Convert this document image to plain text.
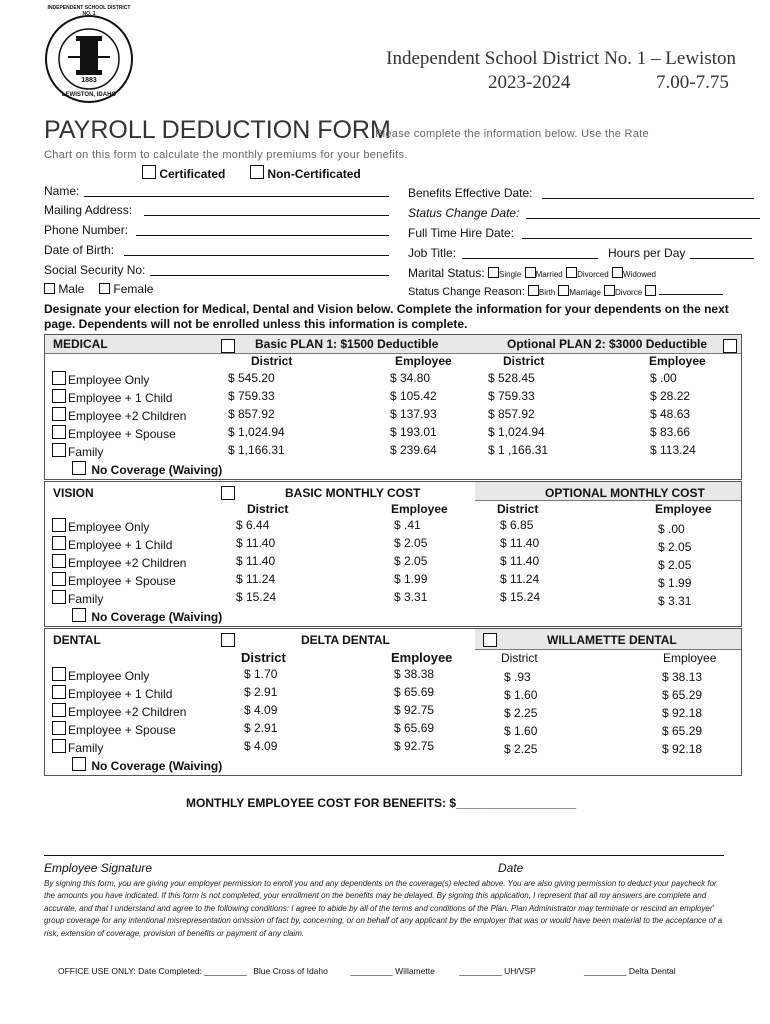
INDEPENDENT SCHOOL DISTRICT NO. 1
1883
LEWISTON, IDAHO
Independent School District No. 1 – Lewiston
2023-2024	7.00-7.75
PAYROLL DEDUCTION FORM
Please complete the information below. Use the Rate
Chart on this form to calculate the monthly premiums for your benefits.
Certificated	Non-Certificated
Name:
Mailing Address:
Phone Number:
Date of Birth:
Social Security No:
Male Female
Benefits Effective Date:
Status Change Date:
Full Time Hire Date:
Job Title:	Hours per Day
Marital Status: Single Married Divorced Widowed
Status Change Reason: Birth Marriage Divorce
Designate your election for Medical, Dental and Vision below. Complete the information for your dependents on the next page. Dependents will not be enrolled unless this information is complete.
MEDICAL	Basic PLAN 1: $1500 Deductible	Optional PLAN 2: $3000 Deductible
District	Employee	District	Employee
Employee Only	$ 545.20	$ 34.80	$ 528.45	$ .00
Employee + 1 Child	$ 759.33	$ 105.42	$ 759.33	$ 28.22
Employee +2 Children	$ 857.92	$ 137.93	$ 857.92	$ 48.63
Employee + Spouse	$ 1,024.94	$ 193.01	$ 1,024.94	$ 83.66
Family	$ 1,166.31	$ 239.64	$ 1 ,166.31	$ 113.24
No Coverage (Waiving)
VISION	BASIC MONTHLY COST	OPTIONAL MONTHLY COST
District	Employee	District	Employee
Employee Only	$ 6.44	$ .41	$ 6.85	$ .00
Employee + 1 Child	$ 11.40	$ 2.05	$ 11.40	$ 2.05
Employee +2 Children	$ 11.40	$ 2.05	$ 11.40	$ 2.05
Employee + Spouse	$ 11.24	$ 1.99	$ 11.24	$ 1.99
Family	$ 15.24	$ 3.31	$ 15.24	$ 3.31
No Coverage (Waiving)
DENTAL	DELTA DENTAL	WILLAMETTE DENTAL
District	Employee	District	Employee
Employee Only	$ 1.70	$ 38.38	$ .93	$ 38.13
Employee + 1 Child	$ 2.91	$ 65.69	$ 1.60	$ 65.29
Employee +2 Children	$ 4.09	$ 92.75	$ 2.25	$ 92.18
Employee + Spouse	$ 2.91	$ 65.69	$ 1.60	$ 65.29
Family	$ 4.09	$ 92.75	$ 2.25	$ 92.18
No Coverage (Waiving)
MONTHLY EMPLOYEE COST FOR BENEFITS: $__________________
Employee Signature	Date
By signing this form, you are giving your employer permission to enroll you and any dependents on the coverage(s) elected above. You are also giving permission to deduct your paycheck for the amounts you have indicated. If this form is not completed, your enrollment on the benefits may be delayed. By signing this application, I represent that all my answers are complete and accurate, and that I understand and agree to the following conditions: I agree to abide by all of the terms and conditions of the Plan. Plan Administrator may terminate or rescind an employer' group coverage for any intentional misrepresentation omission of fact by, concerning, or on behalf of any applicant by the employer that was or would have been material to the acceptance of a risk, extension of coverage, provision of benefits or payment of any claim.
OFFICE USE ONLY: Date Completed: _________ Blue Cross of Idaho	_________ Willamette	_________ UH/VSP	_________ Delta Dental
